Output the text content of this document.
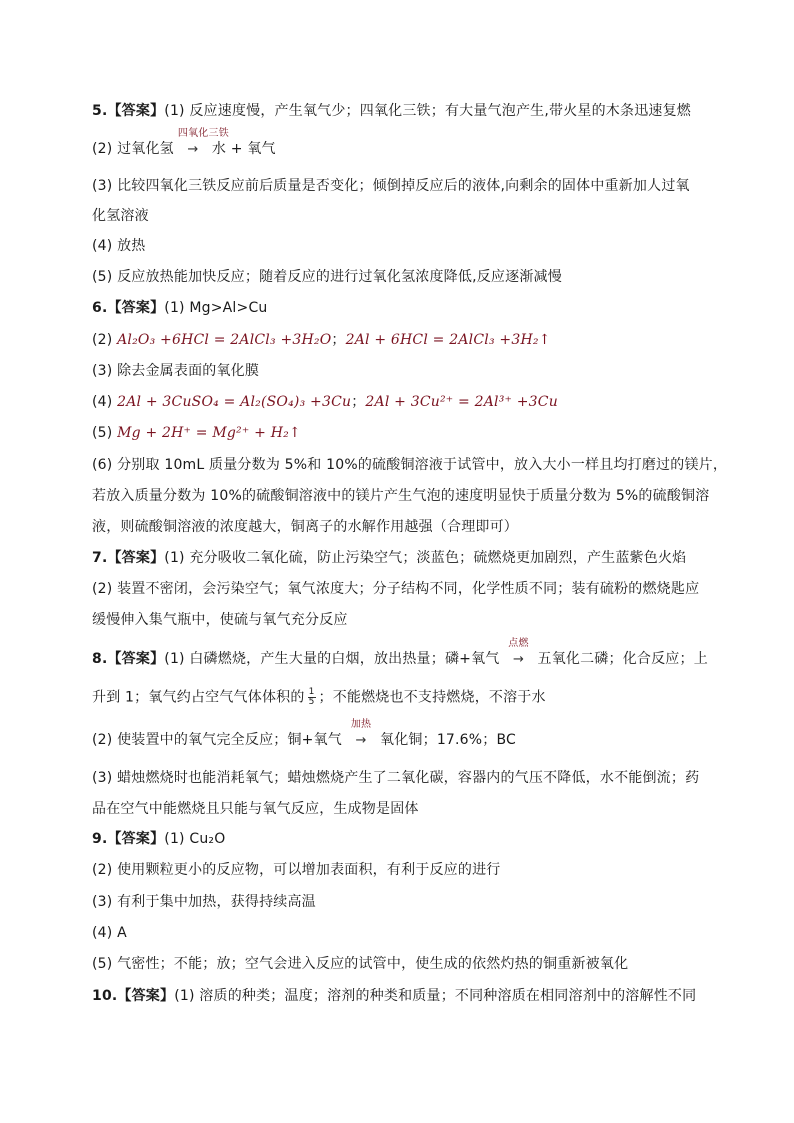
5.【答案】(1) 反应速度慢，产生氧气少；四氧化三铁；有大量气泡产生,带火星的木条迅速复燃
(2) 过氧化氢
四氧化三铁
→ 水 + 氧气
(3) 比较四氧化三铁反应前后质量是否变化；倾倒掉反应后的液体,向剩余的固体中重新加人过氧
化氢溶液
(4) 放热
(5) 反应放热能加快反应；随着反应的进行过氧化氢浓度降低,反应逐渐减慢
6.【答案】(1) Mg>Al>Cu
(2) Al₂O₃ +6HCl = 2AlCl₃ +3H₂O；2Al + 6HCl = 2AlCl₃ +3H₂↑
(3) 除去金属表面的氧化膜
(4) 2Al + 3CuSO₄ = Al₂(SO₄)₃ +3Cu；2Al + 3Cu²⁺ = 2Al³⁺ +3Cu
(5) Mg + 2H⁺ = Mg²⁺ + H₂↑
(6) 分别取 10mL 质量分数为 5%和 10%的硫酸铜溶液于试管中，放入大小一样且均打磨过的镁片，
若放入质量分数为 10%的硫酸铜溶液中的镁片产生气泡的速度明显快于质量分数为 5%的硫酸铜溶
液，则硫酸铜溶液的浓度越大，铜离子的水解作用越强（合理即可）
7.【答案】(1) 充分吸收二氧化硫，防止污染空气；淡蓝色；硫燃烧更加剧烈，产生蓝紫色火焰
(2) 装置不密闭，会污染空气；氧气浓度大；分子结构不同，化学性质不同；装有硫粉的燃烧匙应
缓慢伸入集气瓶中，使硫与氧气充分反应
8.【答案】(1) 白磷燃烧，产生大量的白烟，放出热量；磷+氧气
点燃
→ 五氧化二磷；化合反应；上
升到 1；氧气约占空气气体体积的 $\frac{1}{5}$ ；不能燃烧也不支持燃烧，不溶于水
(2) 使装置中的氧气完全反应；铜+氧气
加热
→ 氧化铜；17.6%；BC
(3) 蜡烛燃烧时也能消耗氧气；蜡烛燃烧产生了二氧化碳，容器内的气压不降低，水不能倒流；药
品在空气中能燃烧且只能与氧气反应，生成物是固体
9.【答案】(1) Cu₂O
(2) 使用颗粒更小的反应物，可以增加表面积，有利于反应的进行
(3) 有利于集中加热，获得持续高温
(4) A
(5) 气密性；不能；放；空气会进入反应的试管中，使生成的依然灼热的铜重新被氧化
10.【答案】(1) 溶质的种类；温度；溶剂的种类和质量；不同种溶质在相同溶剂中的溶解性不同
